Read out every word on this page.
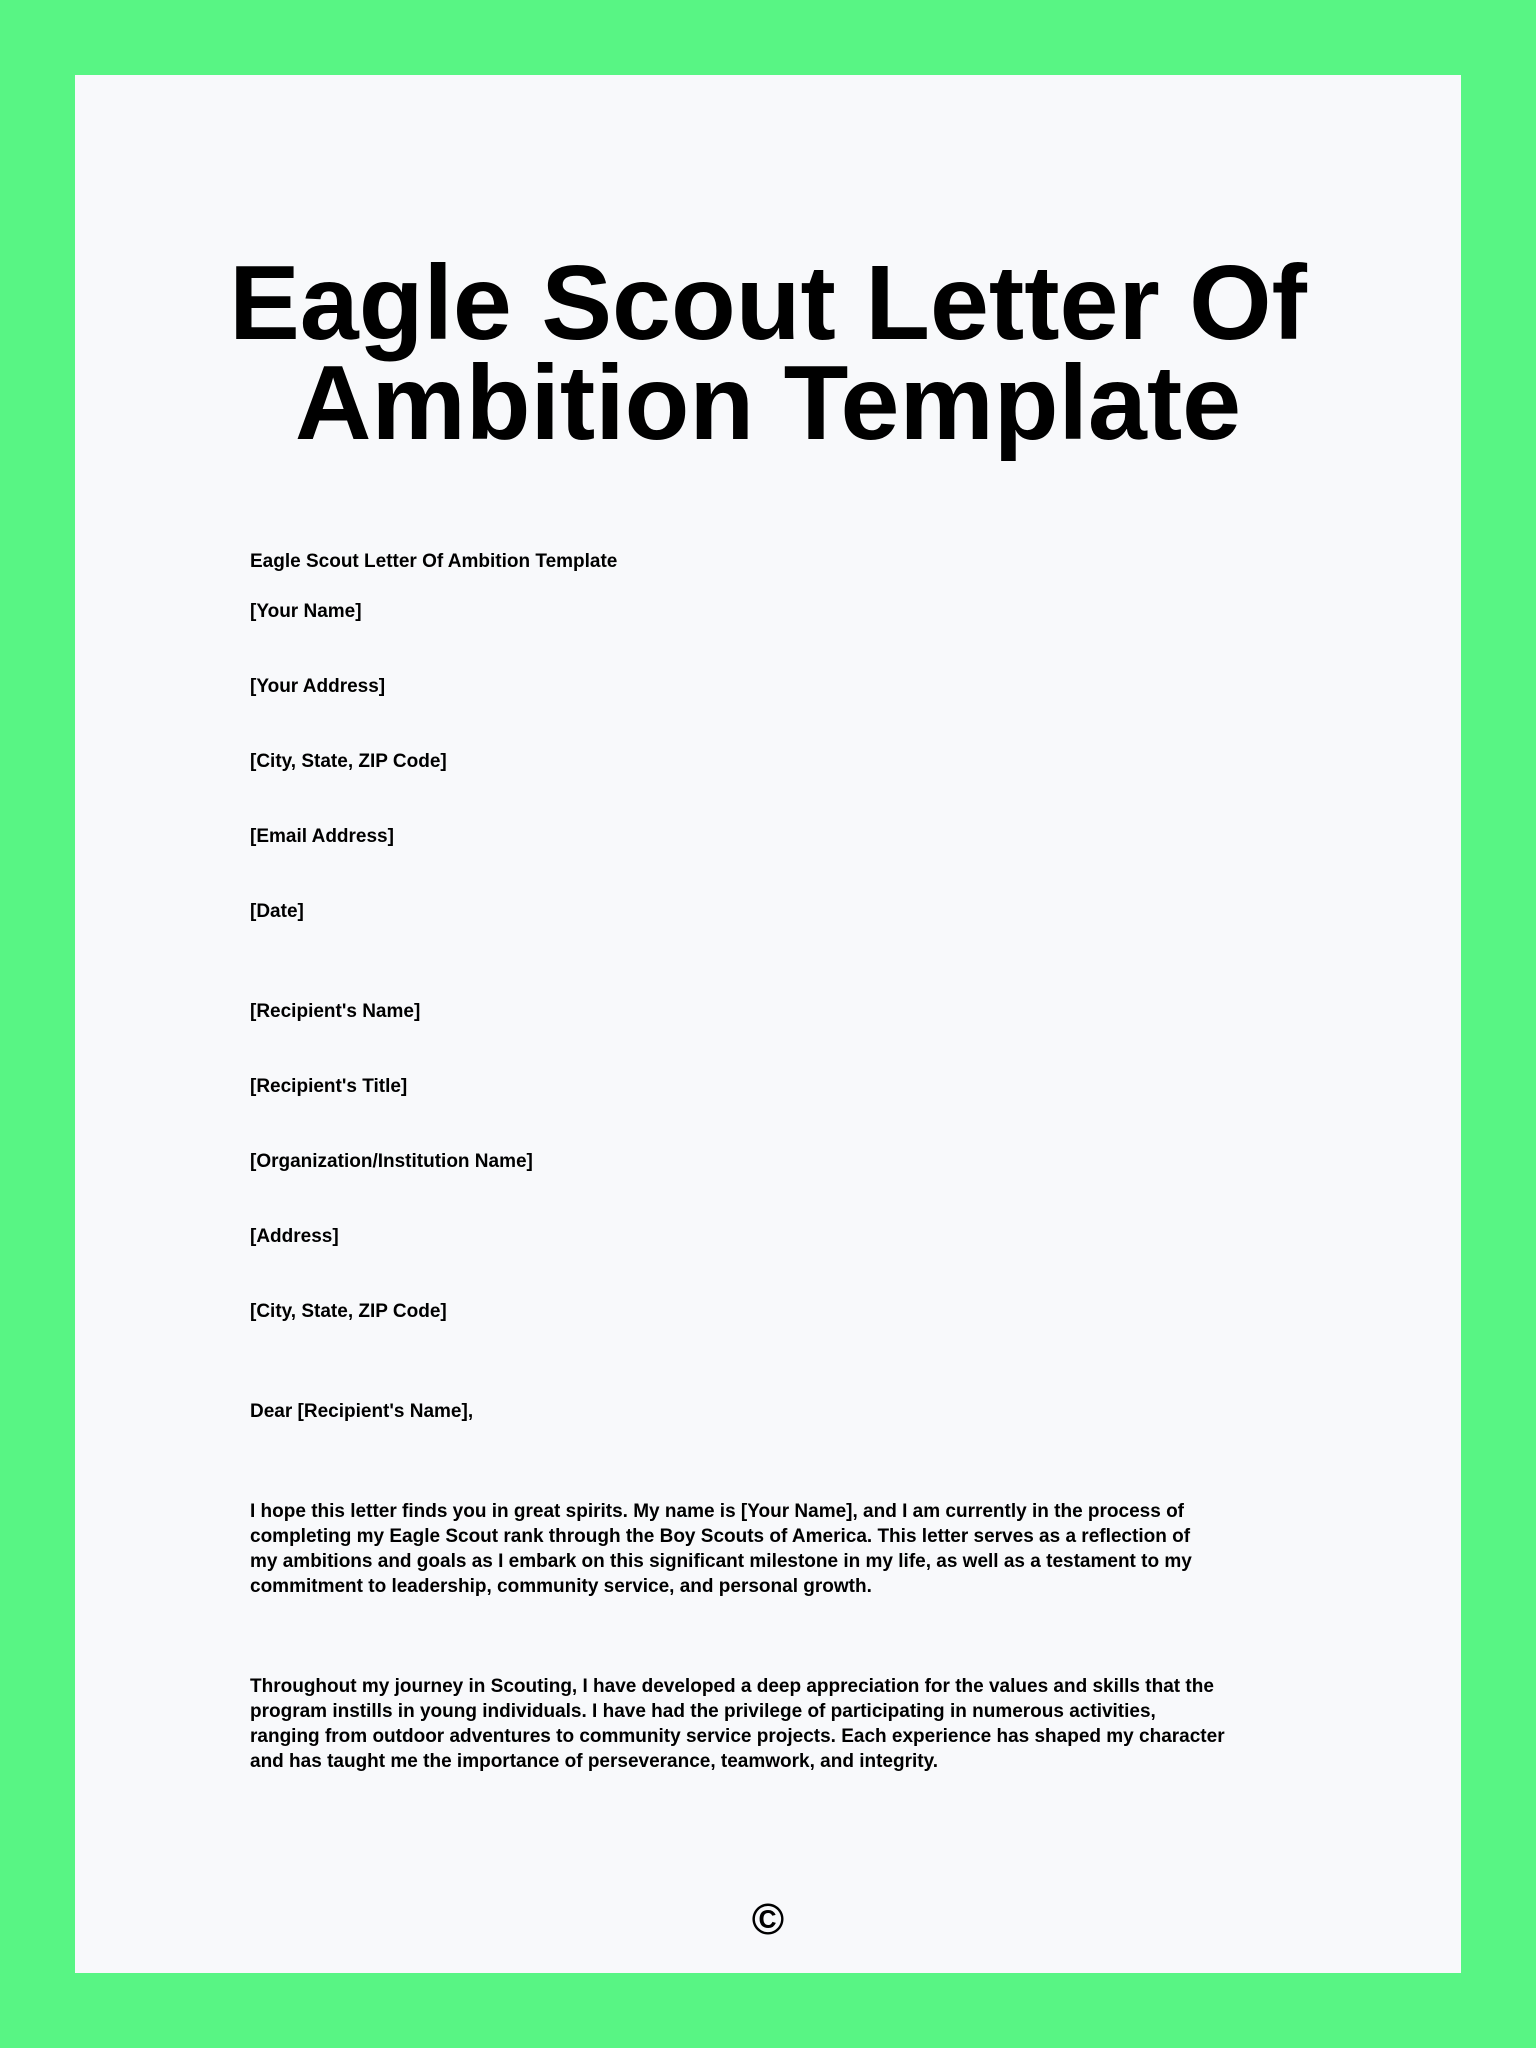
Eagle Scout Letter Of
Ambition Template

Eagle Scout Letter Of Ambition Template

[Your Name]

[Your Address]

[City, State, ZIP Code]

[Email Address]

[Date]

[Recipient's Name]

[Recipient's Title]

[Organization/Institution Name]

[Address]

[City, State, ZIP Code]

Dear [Recipient's Name],

I hope this letter finds you in great spirits. My name is [Your Name], and I am currently in the process of
completing my Eagle Scout rank through the Boy Scouts of America. This letter serves as a reflection of
my ambitions and goals as I embark on this significant milestone in my life, as well as a testament to my
commitment to leadership, community service, and personal growth.
Throughout my journey in Scouting, I have developed a deep appreciation for the values and skills that the
program instills in young individuals. I have had the privilege of participating in numerous activities,
ranging from outdoor adventures to community service projects. Each experience has shaped my character
and has taught me the importance of perseverance, teamwork, and integrity.
©
